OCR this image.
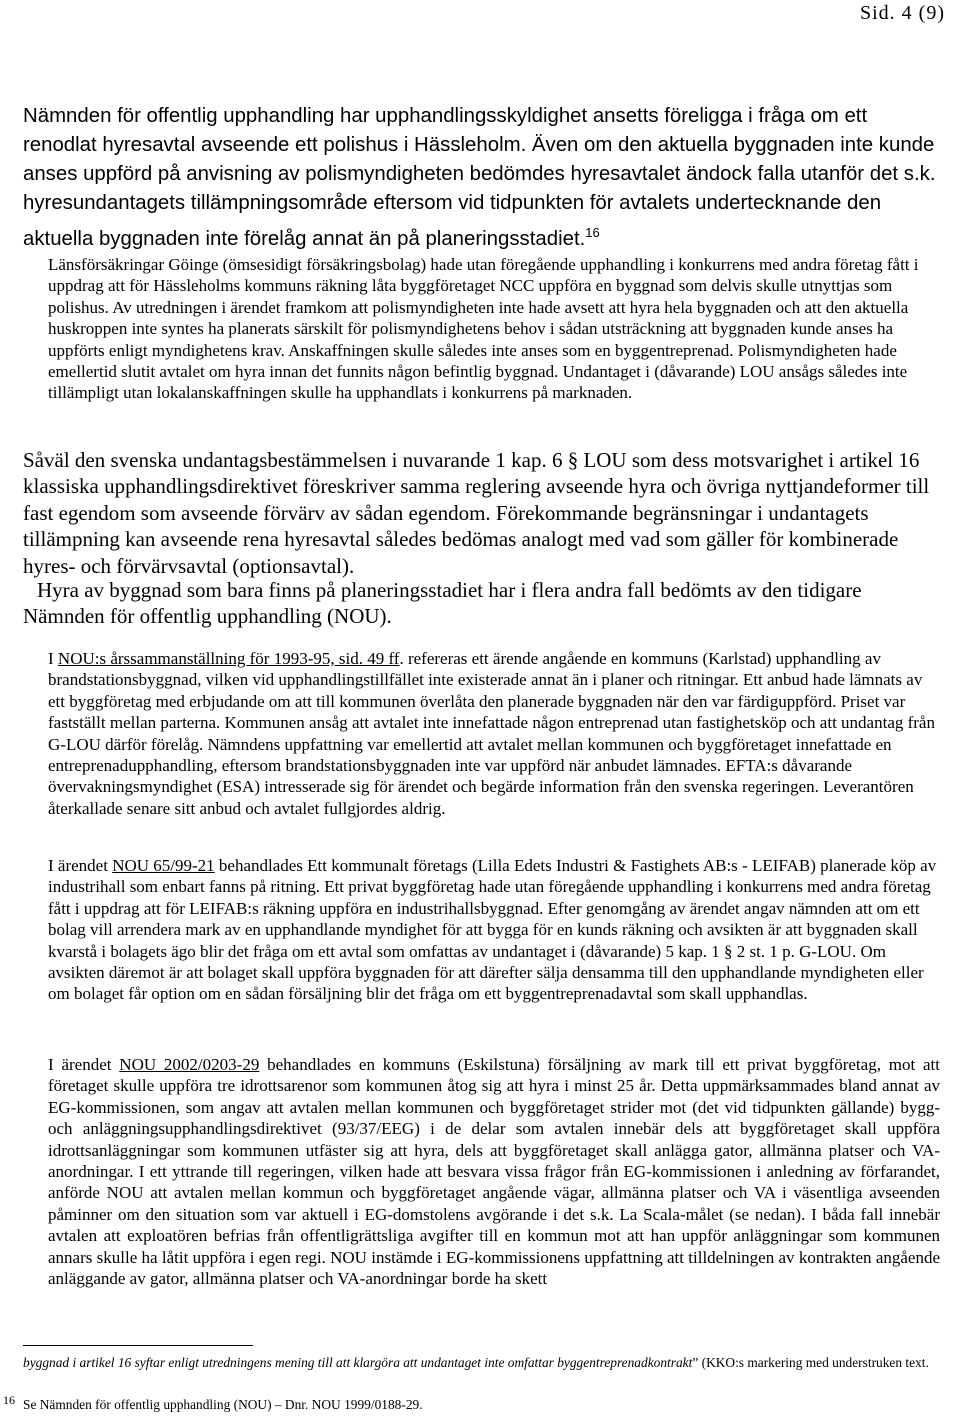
Sid. 4 (9)

Nämnden för offentlig upphandling har upphandlingsskyldighet ansetts föreligga i fråga om ett renodlat hyresavtal avseende ett polishus i Hässleholm. Även om den aktuella byggnaden inte kunde anses uppförd på anvisning av polismyndigheten bedömdes hyresavtalet ändock falla utanför det s.k. hyresundantagets tillämpningsområde eftersom vid tidpunkten för avtalets undertecknande den aktuella byggnaden inte förelåg annat än på planeringsstadiet.$^{16}$

Länsförsäkringar Göinge (ömsesidigt försäkringsbolag) hade utan föregående upphandling i konkurrens med andra företag fått i uppdrag att för Hässleholms kommuns räkning låta byggföretaget NCC uppföra en byggnad som delvis skulle utnyttjas som polishus. Av utredningen i ärendet framkom att polismyndigheten inte hade avsett att hyra hela byggnaden och att den aktuella huskroppen inte syntes ha planerats särskilt för polismyndighetens behov i sådan utsträckning att byggnaden kunde anses ha uppförts enligt myndighetens krav. Anskaffningen skulle således inte anses som en byggentreprenad. Polismyndigheten hade emellertid slutit avtalet om hyra innan det funnits någon befintlig byggnad. Undantaget i (dåvarande) LOU ansågs således inte tillämpligt utan lokalanskaffningen skulle ha upphandlats i konkurrens på marknaden.

Såväl den svenska undantagsbestämmelsen i nuvarande 1 kap. 6 § LOU som dess motsvarighet i artikel 16 klassiska upphandlingsdirektivet föreskriver samma reglering avseende hyra och övriga nyttjandeformer till fast egendom som avseende förvärv av sådan egendom. Förekommande begränsningar i undantagets tillämpning kan avseende rena hyresavtal således bedömas analogt med vad som gäller för kombinerade hyres- och förvärvsavtal (optionsavtal).

Hyra av byggnad som bara finns på planeringsstadiet har i flera andra fall bedömts av den tidigare Nämnden för offentlig upphandling (NOU).

I NOU:s årssammanställning för 1993-95, sid. 49 ff. refereras ett ärende angående en kommuns (Karlstad) upphandling av brandstationsbyggnad, vilken vid upphandlingstillfället inte existerade annat än i planer och ritningar. Ett anbud hade lämnats av ett byggföretag med erbjudande om att till kommunen överlåta den planerade byggnaden när den var färdiguppförd. Priset var fastställt mellan parterna. Kommunen ansåg att avtalet inte innefattade någon entreprenad utan fastighetsköp och att undantag från G-LOU därför förelåg. Nämndens uppfattning var emellertid att avtalet mellan kommunen och byggföretaget innefattade en entreprenadupphandling, eftersom brandstationsbyggnaden inte var uppförd när anbudet lämnades. EFTA:s dåvarande övervakningsmyndighet (ESA) intresserade sig för ärendet och begärde information från den svenska regeringen. Leverantören återkallade senare sitt anbud och avtalet fullgjordes aldrig.

I ärendet NOU 65/99-21 behandlades Ett kommunalt företags (Lilla Edets Industri & Fastighets AB:s - LEIFAB) planerade köp av industrihall som enbart fanns på ritning. Ett privat byggföretag hade utan föregående upphandling i konkurrens med andra företag fått i uppdrag att för LEIFAB:s räkning uppföra en industrihallsbyggnad. Efter genomgång av ärendet angav nämnden att om ett bolag vill arrendera mark av en upphandlande myndighet för att bygga för en kunds räkning och avsikten är att byggnaden skall kvarstå i bolagets ägo blir det fråga om ett avtal som omfattas av undantaget i (dåvarande) 5 kap. 1 § 2 st. 1 p. G-LOU. Om avsikten däremot är att bolaget skall uppföra byggnaden för att därefter sälja densamma till den upphandlande myndigheten eller om bolaget får option om en sådan försäljning blir det fråga om ett byggentreprenadavtal som skall upphandlas.

I ärendet NOU 2002/0203-29 behandlades en kommuns (Eskilstuna) försäljning av mark till ett privat byggföretag, mot att företaget skulle uppföra tre idrottsarenor som kommunen åtog sig att hyra i minst 25 år. Detta uppmärksammades bland annat av EG-kommissionen, som angav att avtalen mellan kommunen och byggföretaget strider mot (det vid tidpunkten gällande) bygg- och anläggningsupphandlingsdirektivet (93/37/EEG) i de delar som avtalen innebär dels att byggföretaget skall uppföra idrottsanläggningar som kommunen utfäster sig att hyra, dels att byggföretaget skall anlägga gator, allmänna platser och VA-anordningar. I ett yttrande till regeringen, vilken hade att besvara vissa frågor från EG-kommissionen i anledning av förfarandet, anförde NOU att avtalen mellan kommun och byggföretaget angående vägar, allmänna platser och VA i väsentliga avseenden påminner om den situation som var aktuell i EG-domstolens avgörande i det s.k. La Scala-målet (se nedan). I båda fall innebär avtalen att exploatören befrias från offentligrättsliga avgifter till en kommun mot att han uppför anläggningar som kommunen annars skulle ha låtit uppföra i egen regi. NOU instämde i EG-kommissionens uppfattning att tilldelningen av kontrakten angående anläggande av gator, allmänna platser och VA-anordningar borde ha skett

byggnad i artikel 16 syftar enligt utredningens mening till att klargöra att undantaget inte omfattar byggentreprenadkontrakt” (KKO:s markering med understruken text.

16 Se Nämnden för offentlig upphandling (NOU) – Dnr. NOU 1999/0188-29.
